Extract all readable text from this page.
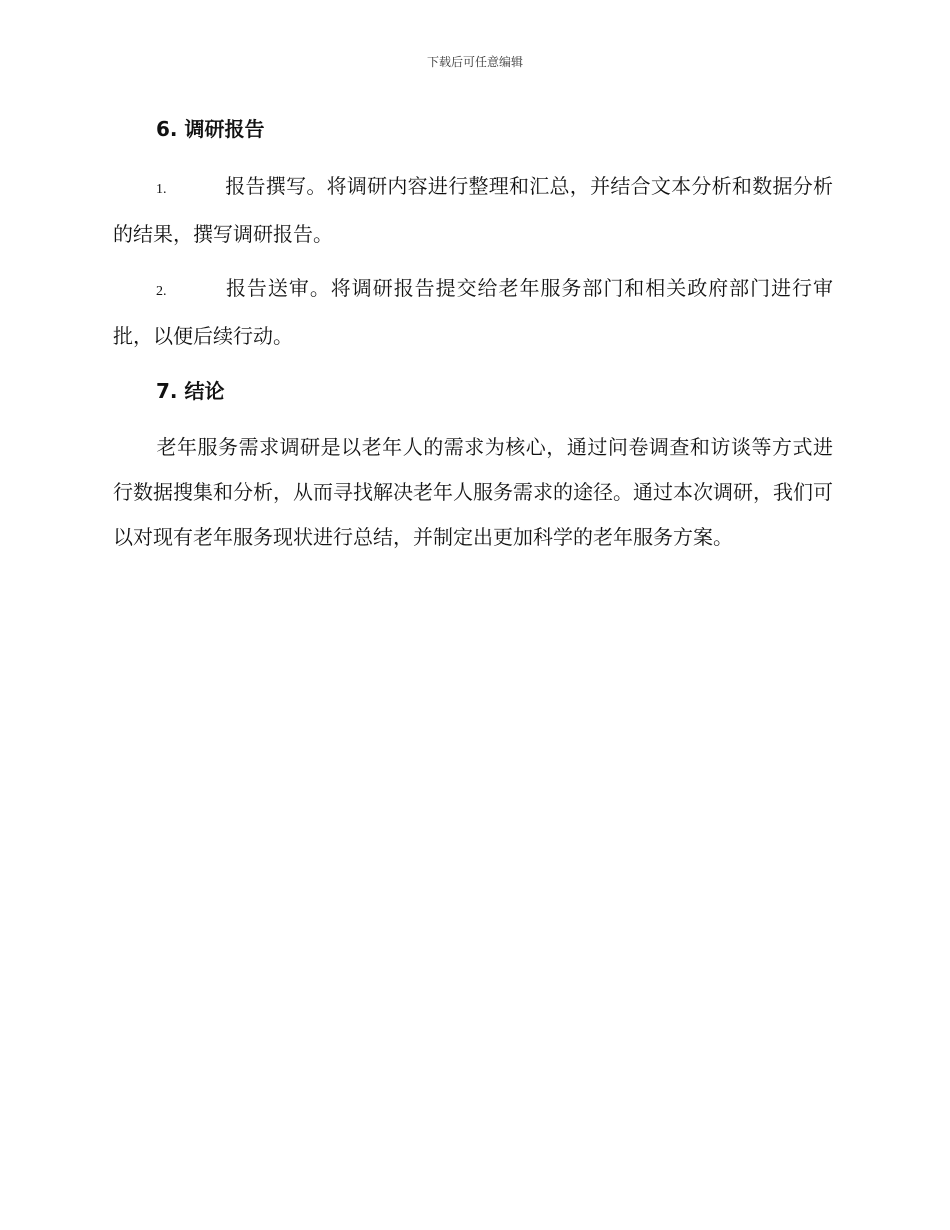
下载后可任意编辑
6. 调研报告

1.	报告撰写。将调研内容进行整理和汇总，并结合文本分析和数据分析的结果，撰写调研报告。

2.	报告送审。将调研报告提交给老年服务部门和相关政府部门进行审批，以便后续行动。

7. 结论

老年服务需求调研是以老年人的需求为核心，通过问卷调查和访谈等方式进行数据搜集和分析，从而寻找解决老年人服务需求的途径。通过本次调研，我们可以对现有老年服务现状进行总结，并制定出更加科学的老年服务方案。
